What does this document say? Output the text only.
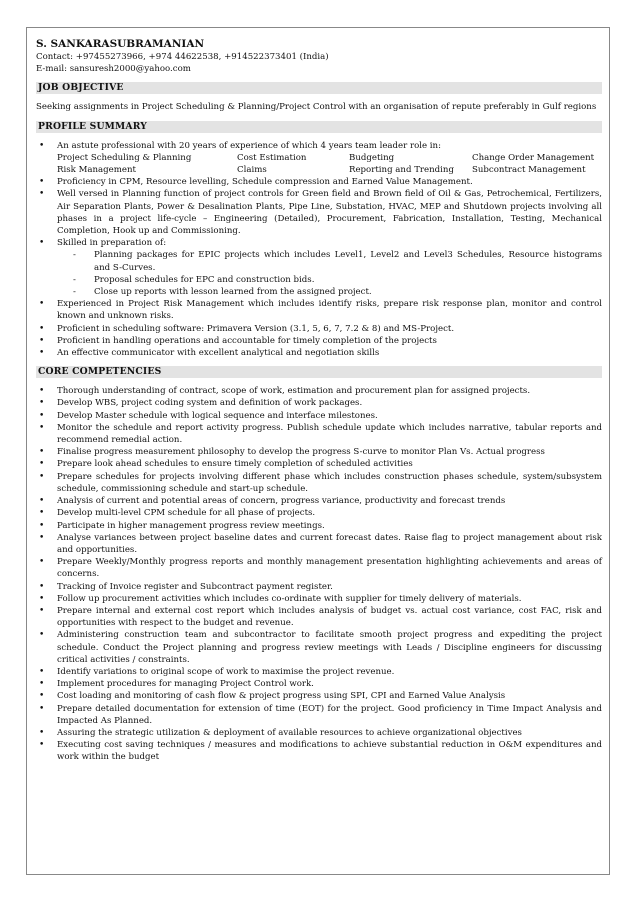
S. SANKARASUBRAMANIAN

Contact: +97455273966, +974 44622538, +914522373401 (India)

E-mail: sansuresh2000@yahoo.com

JOB OBJECTIVE

Seeking assignments in Project Scheduling & Planning/Project Control with an organisation of repute preferably in Gulf regions

PROFILE SUMMARY
• An astute professional with 20 years of experience of which 4 years team leader role in:
Project Scheduling & Planning	Cost Estimation	Budgeting	Change Order Management
Risk Management	Claims	Reporting and Trending	Subcontract Management
• Proficiency in CPM, Resource levelling, Schedule compression and Earned Value Management.
• Well versed in Planning function of project controls for Green field and Brown field of Oil & Gas, Petrochemical, Fertilizers, Air Separation Plants, Power & Desalination Plants, Pipe Line, Substation, HVAC, MEP and Shutdown projects involving all phases in a project life-cycle – Engineering (Detailed), Procurement, Fabrication, Installation, Testing, Mechanical Completion, Hook up and Commissioning.
• Skilled in preparation of:
- Planning packages for EPIC projects which includes Level1, Level2 and Level3 Schedules, Resource histograms and S-Curves.
- Proposal schedules for EPC and construction bids.
- Close up reports with lesson learned from the assigned project.
• Experienced in Project Risk Management which includes identify risks, prepare risk response plan, monitor and control known and unknown risks.
• Proficient in scheduling software: Primavera Version (3.1, 5, 6, 7, 7.2 & 8) and MS-Project.
• Proficient in handling operations and accountable for timely completion of the projects
• An effective communicator with excellent analytical and negotiation skills
CORE COMPETENCIES
• Thorough understanding of contract, scope of work, estimation and procurement plan for assigned projects.
• Develop WBS, project coding system and definition of work packages.
• Develop Master schedule with logical sequence and interface milestones.
• Monitor the schedule and report activity progress. Publish schedule update which includes narrative, tabular reports and recommend remedial action.
• Finalise progress measurement philosophy to develop the progress S-curve to monitor Plan Vs. Actual progress
• Prepare look ahead schedules to ensure timely completion of scheduled activities
• Prepare schedules for projects involving different phase which includes construction phases schedule, system/subsystem schedule, commissioning schedule and start-up schedule.
• Analysis of current and potential areas of concern, progress variance, productivity and forecast trends
• Develop multi-level CPM schedule for all phase of projects.
• Participate in higher management progress review meetings.
• Analyse variances between project baseline dates and current forecast dates. Raise flag to project management about risk and opportunities.
• Prepare Weekly/Monthly progress reports and monthly management presentation highlighting achievements and areas of concerns.
• Tracking of Invoice register and Subcontract payment register.
• Follow up procurement activities which includes co-ordinate with supplier for timely delivery of materials.
• Prepare internal and external cost report which includes analysis of budget vs. actual cost variance, cost FAC, risk and opportunities with respect to the budget and revenue.
• Administering construction team and subcontractor to facilitate smooth project progress and expediting the project schedule. Conduct the Project planning and progress review meetings with Leads / Discipline engineers for discussing critical activities / constraints.
• Identify variations to original scope of work to maximise the project revenue.
• Implement procedures for managing Project Control work.
• Cost loading and monitoring of cash flow & project progress using SPI, CPI and Earned Value Analysis
• Prepare detailed documentation for extension of time (EOT) for the project. Good proficiency in Time Impact Analysis and Impacted As Planned.
• Assuring the strategic utilization & deployment of available resources to achieve organizational objectives
• Executing cost saving techniques / measures and modifications to achieve substantial reduction in O&M expenditures and work within the budget
